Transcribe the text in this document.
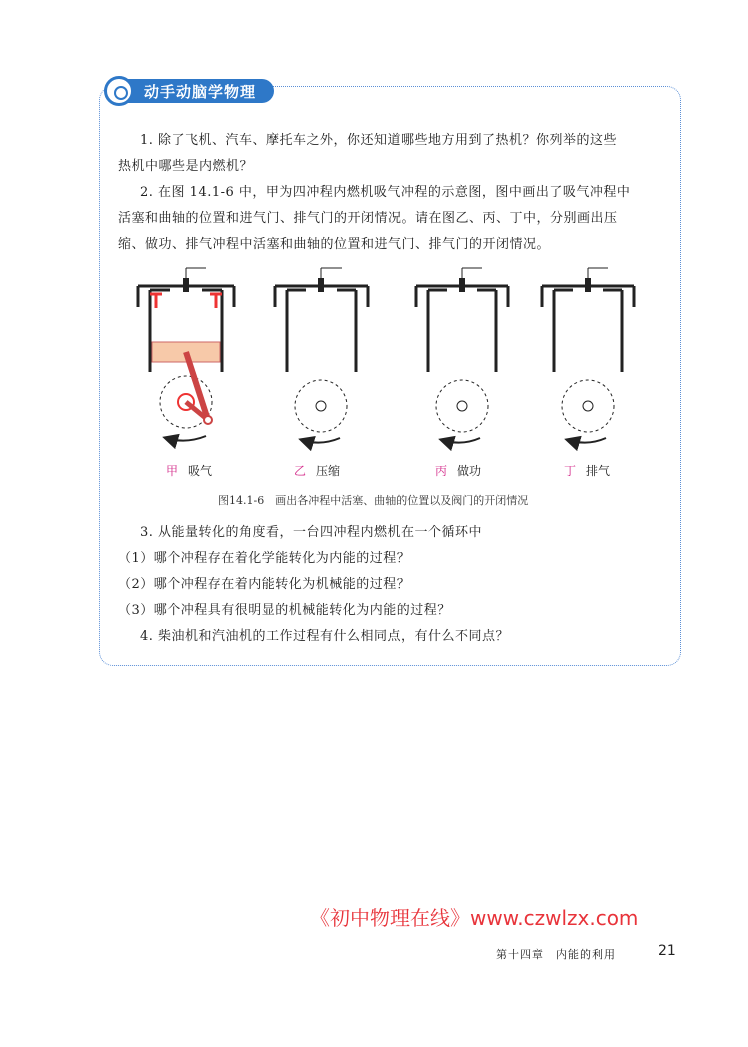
动手动脑学物理
1. 除了飞机、汽车、摩托车之外，你还知道哪些地方用到了热机？你列举的这些
热机中哪些是内燃机？
2. 在图 14.1-6 中，甲为四冲程内燃机吸气冲程的示意图，图中画出了吸气冲程中
活塞和曲轴的位置和进气门、排气门的开闭情况。请在图乙、丙、丁中，分别画出压
缩、做功、排气冲程中活塞和曲轴的位置和进气门、排气门的开闭情况。
甲 吸气	乙 压缩	丙 做功	丁 排气
图14.1-6　画出各冲程中活塞、曲轴的位置以及阀门的开闭情况
3. 从能量转化的角度看，一台四冲程内燃机在一个循环中
（1）哪个冲程存在着化学能转化为内能的过程？
（2）哪个冲程存在着内能转化为机械能的过程？
（3）哪个冲程具有很明显的机械能转化为内能的过程？
4. 柴油机和汽油机的工作过程有什么相同点，有什么不同点？
《初中物理在线》www.czwlzx.com
第十四章　内能的利用	21
